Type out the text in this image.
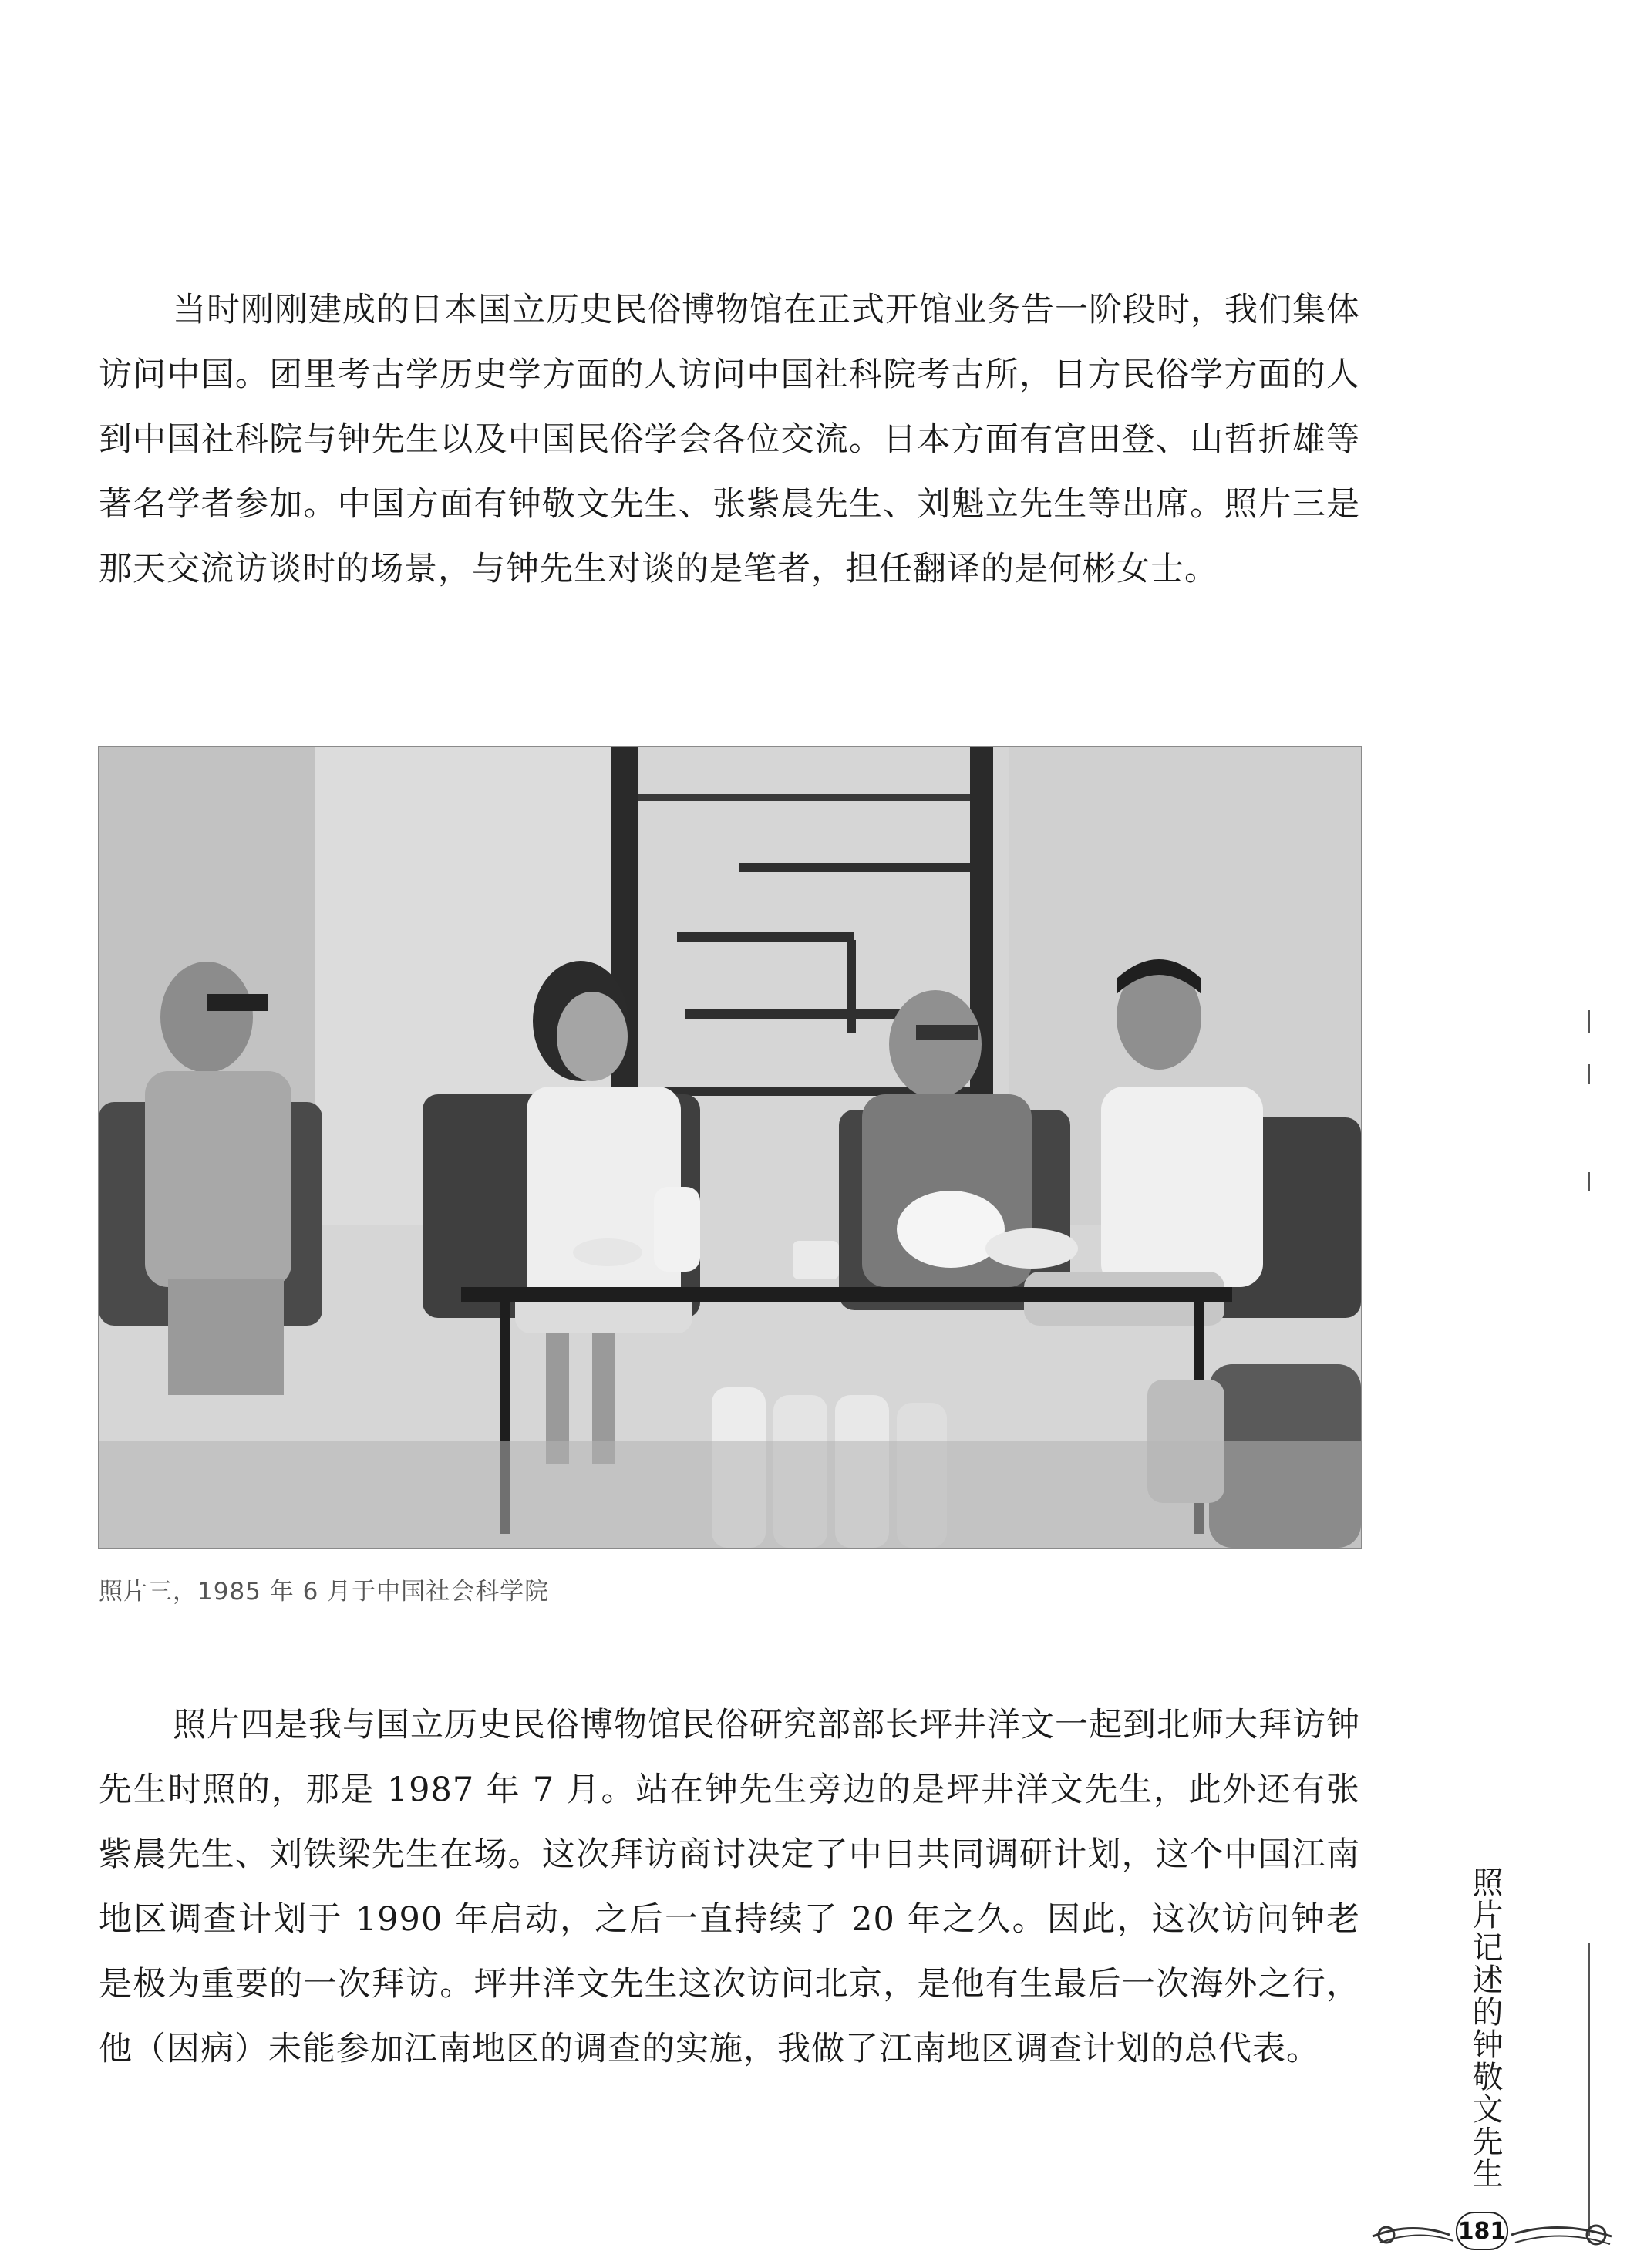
当时刚刚建成的日本国立历史民俗博物馆在正式开馆业务告一阶段时，我们集体访问中国。团里考古学历史学方面的人访问中国社科院考古所，日方民俗学方面的人到中国社科院与钟先生以及中国民俗学会各位交流。日本方面有宫田登、山哲折雄等著名学者参加。中国方面有钟敬文先生、张紫晨先生、刘魁立先生等出席。照片三是那天交流访谈时的场景，与钟先生对谈的是笔者，担任翻译的是何彬女士。

照片三，1985 年 6 月于中国社会科学院

照片四是我与国立历史民俗博物馆民俗研究部部长坪井洋文一起到北师大拜访钟先生时照的，那是 1987 年 7 月。站在钟先生旁边的是坪井洋文先生，此外还有张紫晨先生、刘铁梁先生在场。这次拜访商讨决定了中日共同调研计划，这个中国江南地区调查计划于 1990 年启动，之后一直持续了 20 年之久。因此，这次访问钟老是极为重要的一次拜访。坪井洋文先生这次访问北京，是他有生最后一次海外之行，他（因病）未能参加江南地区的调查的实施，我做了江南地区调查计划的总代表。	照片记述的钟敬文先生
181
